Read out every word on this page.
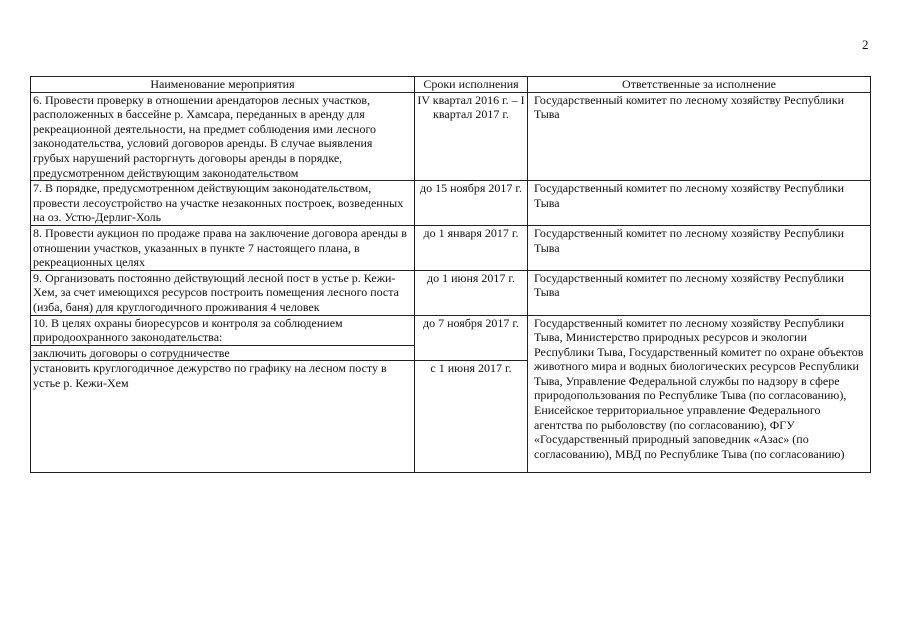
2
Наименование мероприятия	Сроки исполнения	Ответственные за исполнение
6. Провести проверку в отношении арендаторов лесных участков, расположенных в бассейне р. Хамсара, переданных в аренду для рекреационной деятельности, на предмет соблюдения ими лесного законодательства, условий договоров аренды. В случае выявления грубых нарушений расторгнуть договоры аренды в порядке, предусмотренном действующим законодательством	IV квартал 2016 г. – I квартал 2017 г.	Государственный комитет по лесному хозяйству Республики Тыва
7. В порядке, предусмотренном действующим законодательством, провести лесоустройство на участке незаконных построек, возведенных на оз. Устю-Дерлиг-Холь	до 15 ноября 2017 г.	Государственный комитет по лесному хозяйству Республики Тыва
8. Провести аукцион по продаже права на заключение договора аренды в отношении участков, указанных в пункте 7 настоящего плана, в рекреационных целях	до 1 января 2017 г.	Государственный комитет по лесному хозяйству Республики Тыва
9. Организовать постоянно действующий лесной пост в устье р. Кежи-Хем, за счет имеющихся ресурсов построить помещения лесного поста (изба, баня) для круглогодичного проживания 4 человек	до 1 июня 2017 г.	Государственный комитет по лесному хозяйству Республики Тыва
10. В целях охраны биоресурсов и контроля за соблюдением природоохранного законодательства:	до 7 ноября 2017 г.	Государственный комитет по лесному хозяйству Республики Тыва, Министерство природных ресурсов и экологии Республики Тыва, Государственный комитет по охране объектов животного мира и водных биологических ресурсов Республики Тыва, Управление Федеральной службы по надзору в сфере природопользования по Республике Тыва (по согласованию), Енисейское территориальное управление Федерального агентства по рыболовству (по согласованию), ФГУ «Государственный природный заповедник «Азас» (по согласованию), МВД по Республике Тыва (по согласованию)
заключить договоры о сотрудничестве		
установить круглогодичное дежурство по графику на лесном посту в устье р. Кежи-Хем	с 1 июня 2017 г.	
